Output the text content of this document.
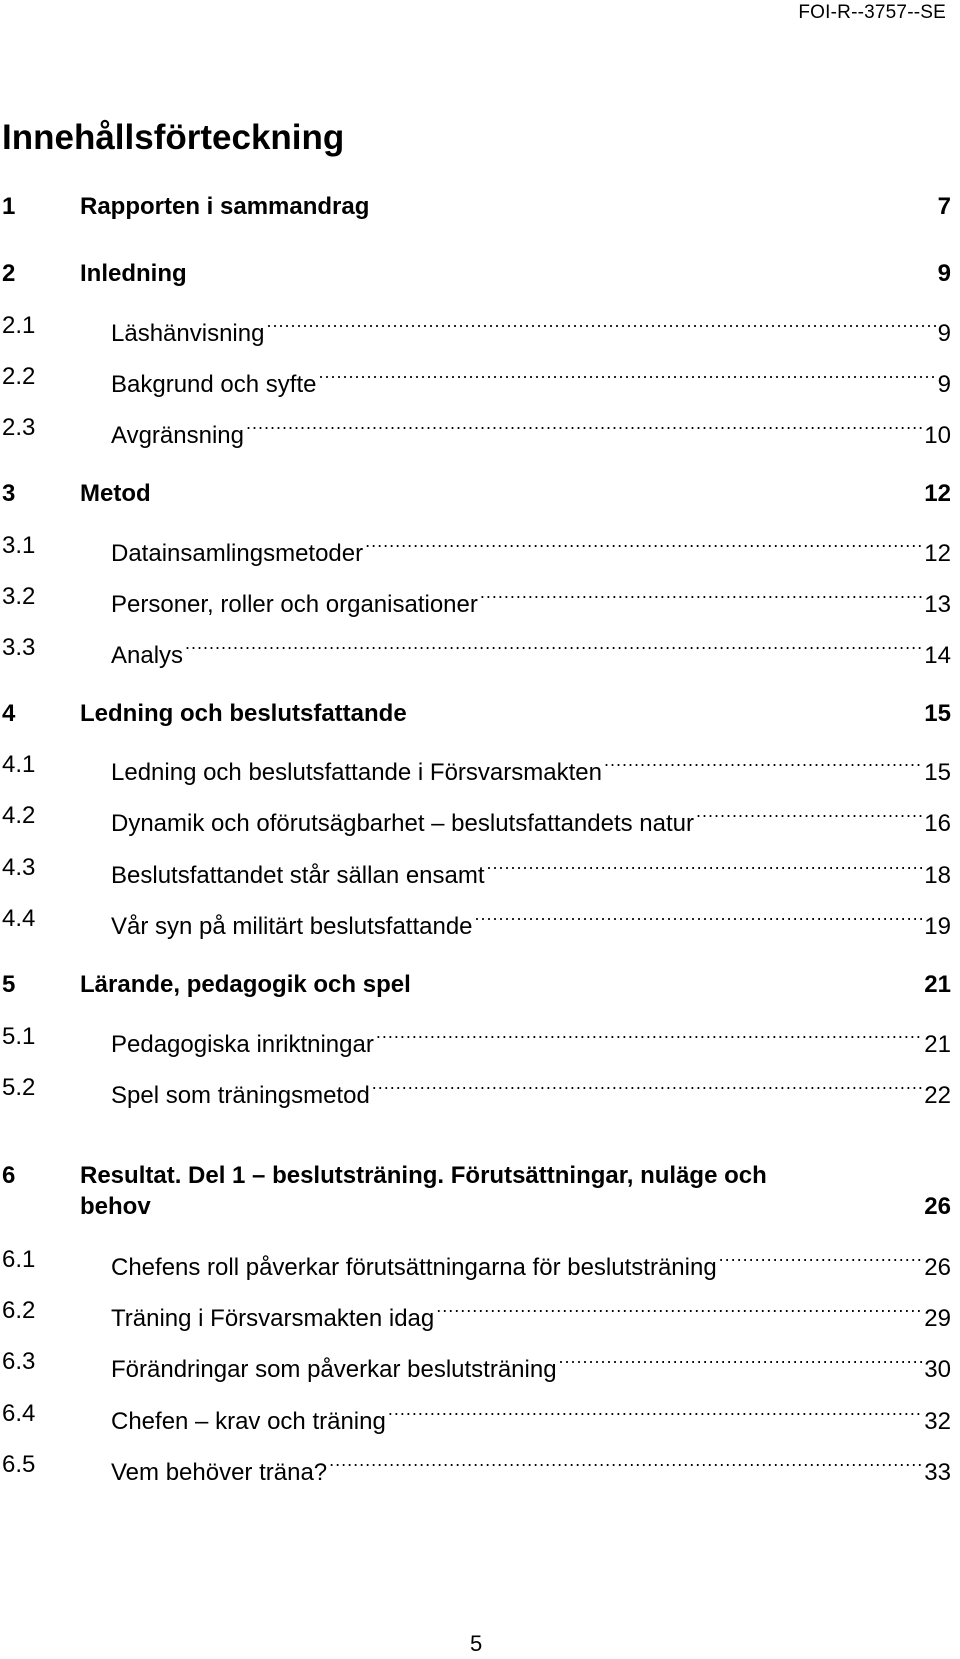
FOI-R--3757--SE
Innehållsförteckning
1	Rapporten i sammandrag	7
2	Inledning	9
2.1	Läshänvisning .....	9
2.2	Bakgrund och syfte .....	9
2.3	Avgränsning .....	10
3	Metod	12
3.1	Datainsamlingsmetoder .....	12
3.2	Personer, roller och organisationer .....	13
3.3	Analys .....	14
4	Ledning och beslutsfattande	15
4.1	Ledning och beslutsfattande i Försvarsmakten .....	15
4.2	Dynamik och oförutsägbarhet – beslutsfattandets natur .....	16
4.3	Beslutsfattandet står sällan ensamt .....	18
4.4	Vår syn på militärt beslutsfattande .....	19
5	Lärande, pedagogik och spel	21
5.1	Pedagogiska inriktningar .....	21
5.2	Spel som träningsmetod .....	22
6	Resultat. Del 1 – beslutsträning. Förutsättningar, nuläge och
behov	26
6.1	Chefens roll påverkar förutsättningarna för beslutsträning .....	26
6.2	Träning i Försvarsmakten idag .....	29
6.3	Förändringar som påverkar beslutsträning .....	30
6.4	Chefen – krav och träning .....	32
6.5	Vem behöver träna? .....	33
5
